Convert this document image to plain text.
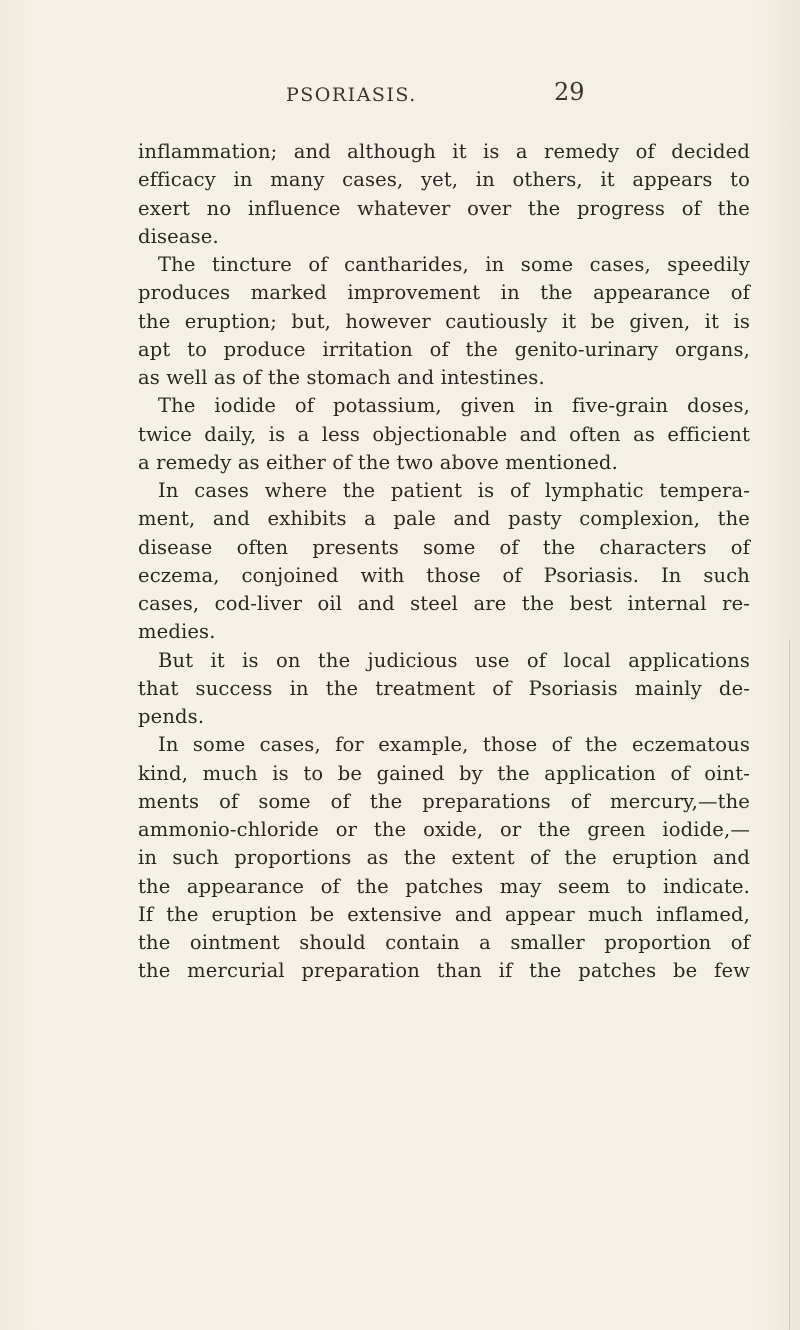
PSORIASIS.	29
inflammation; and although it is a remedy of decided
efficacy in many cases, yet, in others, it appears to
exert no influence whatever over the progress of the
disease.
The tincture of cantharides, in some cases, speedily
produces marked improvement in the appearance of
the eruption; but, however cautiously it be given, it is
apt to produce irritation of the genito-urinary organs,
as well as of the stomach and intestines.
The iodide of potassium, given in five-grain doses,
twice daily, is a less objectionable and often as efficient
a remedy as either of the two above mentioned.
In cases where the patient is of lymphatic tempera-
ment, and exhibits a pale and pasty complexion, the
disease often presents some of the characters of
eczema, conjoined with those of Psoriasis. In such
cases, cod-liver oil and steel are the best internal re-
medies.
But it is on the judicious use of local applications
that success in the treatment of Psoriasis mainly de-
pends.
In some cases, for example, those of the eczematous
kind, much is to be gained by the application of oint-
ments of some of the preparations of mercury,—the
ammonio-chloride or the oxide, or the green iodide,—
in such proportions as the extent of the eruption and
the appearance of the patches may seem to indicate.
If the eruption be extensive and appear much inflamed,
the ointment should contain a smaller proportion of
the mercurial preparation than if the patches be few
